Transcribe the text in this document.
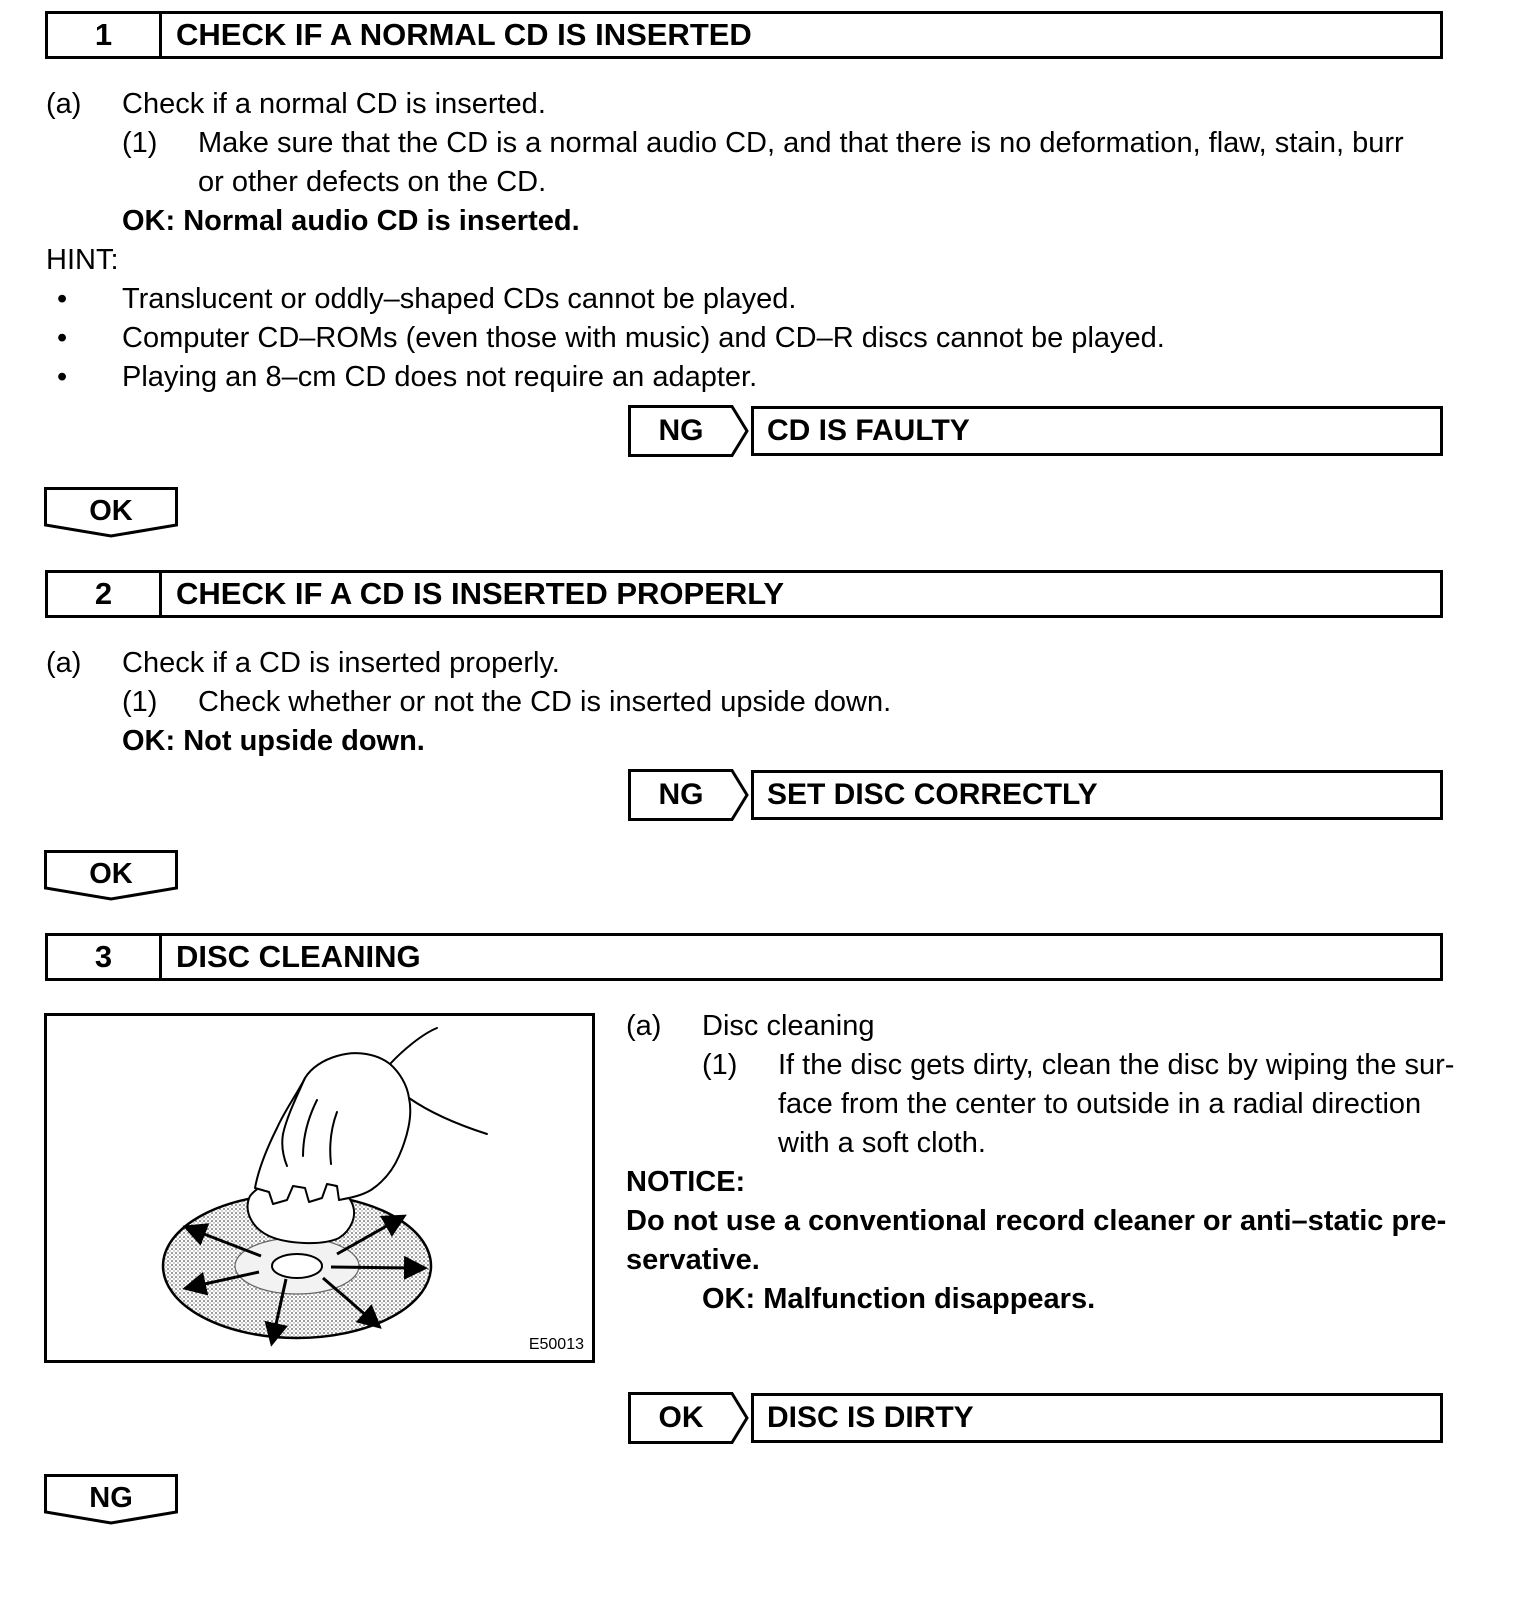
1	CHECK IF A NORMAL CD IS INSERTED
(a) Check if a normal CD is inserted.
(1) Make sure that the CD is a normal audio CD, and that there is no deformation, flaw, stain, burr
or other defects on the CD.
OK: Normal audio CD is inserted.
HINT:
• Translucent or oddly–shaped CDs cannot be played.
• Computer CD–ROMs (even those with music) and CD–R discs cannot be played.
• Playing an 8–cm CD does not require an adapter.
NG	CD IS FAULTY
OK
2	CHECK IF A CD IS INSERTED PROPERLY
(a) Check if a CD is inserted properly.
(1) Check whether or not the CD is inserted upside down.
OK: Not upside down.
NG	SET DISC CORRECTLY
OK
3	DISC CLEANING
E50013
(a) Disc cleaning
(1) If the disc gets dirty, clean the disc by wiping the sur-
face from the center to outside in a radial direction
with a soft cloth.
NOTICE:
Do not use a conventional record cleaner or anti–static pre-
servative.
OK: Malfunction disappears.
OK	DISC IS DIRTY
NG
